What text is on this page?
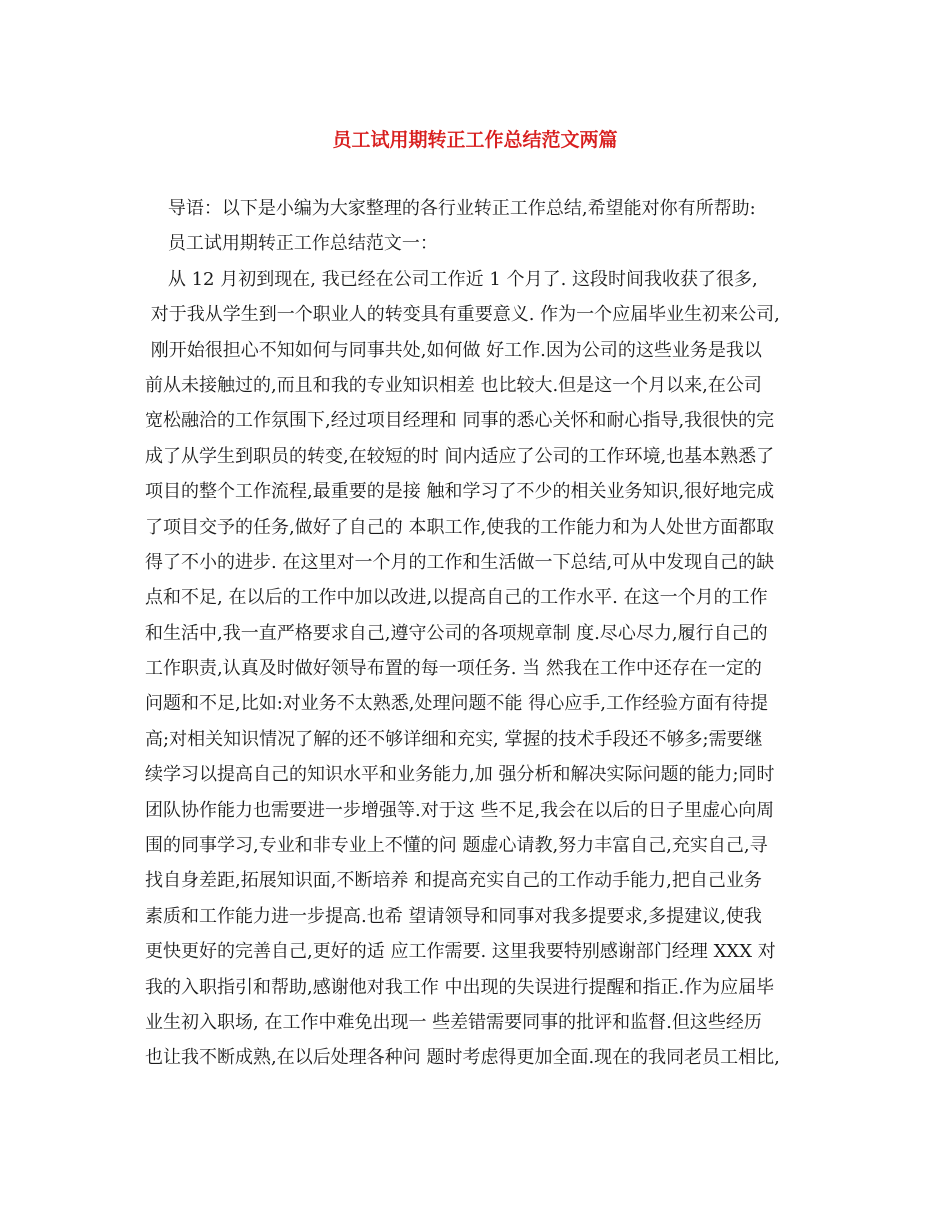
员工试用期转正工作总结范文两篇
导语：以下是小编为大家整理的各行业转正工作总结,希望能对你有所帮助:
员工试用期转正工作总结范文一：
从 12 月初到现在, 我已经在公司工作近 1 个月了. 这段时间我收获了很多,
对于我从学生到一个职业人的转变具有重要意义. 作为一个应届毕业生初来公司,
刚开始很担心不知如何与同事共处,如何做 好工作.因为公司的这些业务是我以
前从未接触过的,而且和我的专业知识相差 也比较大.但是这一个月以来,在公司
宽松融洽的工作氛围下,经过项目经理和 同事的悉心关怀和耐心指导,我很快的完
成了从学生到职员的转变,在较短的时 间内适应了公司的工作环境,也基本熟悉了
项目的整个工作流程,最重要的是接 触和学习了不少的相关业务知识,很好地完成
了项目交予的任务,做好了自己的 本职工作,使我的工作能力和为人处世方面都取
得了不小的进步. 在这里对一个月的工作和生活做一下总结,可从中发现自己的缺
点和不足, 在以后的工作中加以改进,以提高自己的工作水平. 在这一个月的工作
和生活中,我一直严格要求自己,遵守公司的各项规章制 度.尽心尽力,履行自己的
工作职责,认真及时做好领导布置的每一项任务. 当 然我在工作中还存在一定的
问题和不足,比如:对业务不太熟悉,处理问题不能 得心应手,工作经验方面有待提
高;对相关知识情况了解的还不够详细和充实, 掌握的技术手段还不够多;需要继
续学习以提高自己的知识水平和业务能力,加 强分析和解决实际问题的能力;同时
团队协作能力也需要进一步增强等.对于这 些不足,我会在以后的日子里虚心向周
围的同事学习,专业和非专业上不懂的问 题虚心请教,努力丰富自己,充实自己,寻
找自身差距,拓展知识面,不断培养 和提高充实自己的工作动手能力,把自己业务
素质和工作能力进一步提高.也希 望请领导和同事对我多提要求,多提建议,使我
更快更好的完善自己,更好的适 应工作需要. 这里我要特别感谢部门经理 XXX 对
我的入职指引和帮助,感谢他对我工作 中出现的失误进行提醒和指正.作为应届毕
业生初入职场, 在工作中难免出现一 些差错需要同事的批评和监督.但这些经历
也让我不断成熟,在以后处理各种问 题时考虑得更加全面.现在的我同老员工相比,
